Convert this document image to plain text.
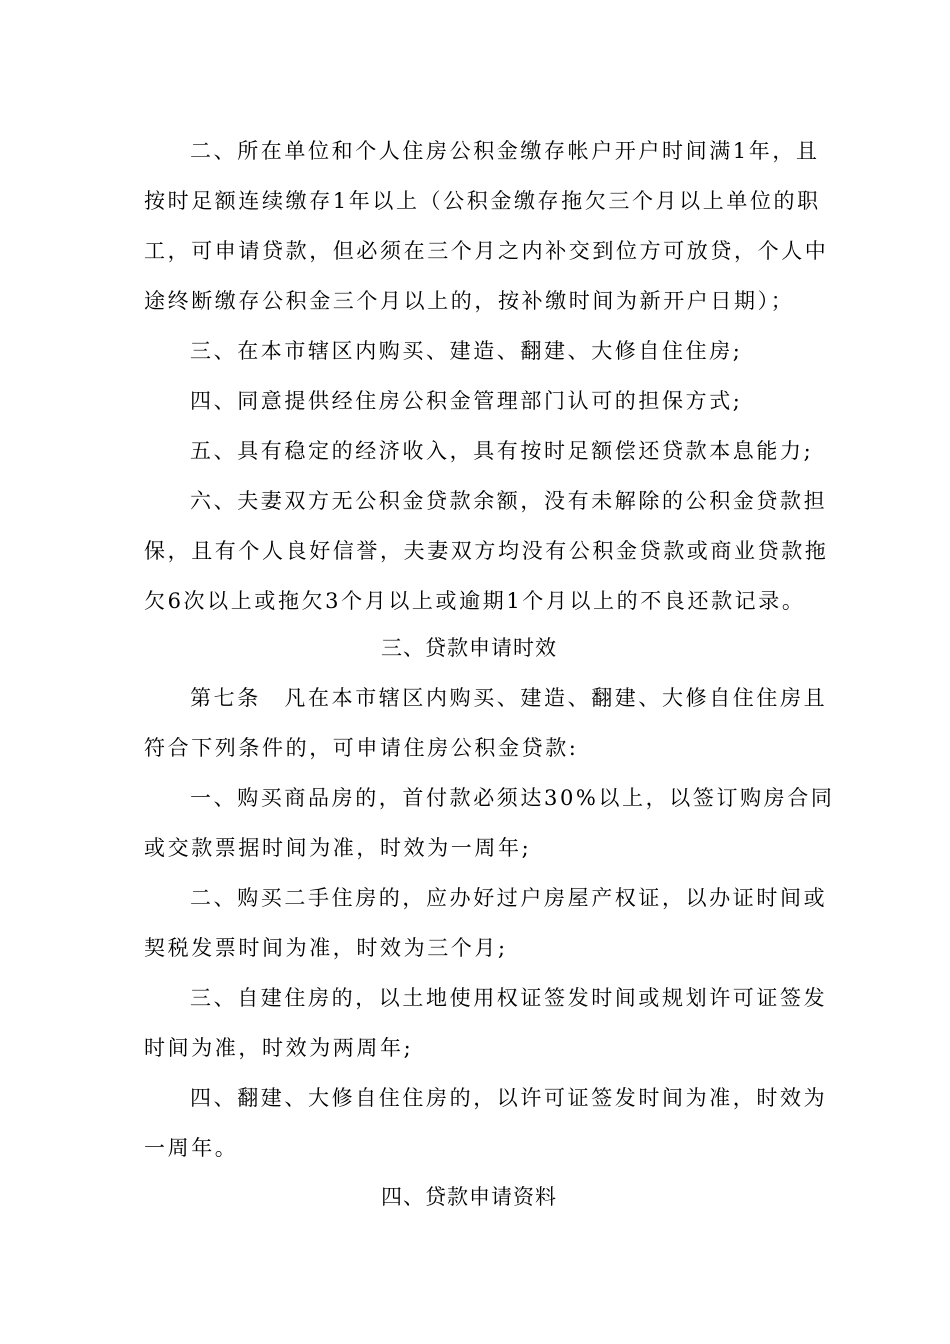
二、所在单位和个人住房公积金缴存帐户开户时间满1年，且
按时足额连续缴存1年以上（公积金缴存拖欠三个月以上单位的职
工，可申请贷款，但必须在三个月之内补交到位方可放贷，个人中
途终断缴存公积金三个月以上的，按补缴时间为新开户日期）；
三、在本市辖区内购买、建造、翻建、大修自住住房;
四、同意提供经住房公积金管理部门认可的担保方式;
五、具有稳定的经济收入，具有按时足额偿还贷款本息能力;
六、夫妻双方无公积金贷款余额，没有未解除的公积金贷款担
保，且有个人良好信誉，夫妻双方均没有公积金贷款或商业贷款拖
欠6次以上或拖欠3个月以上或逾期1个月以上的不良还款记录。
三、贷款申请时效
第七条　凡在本市辖区内购买、建造、翻建、大修自住住房且
符合下列条件的，可申请住房公积金贷款:
一、购买商品房的，首付款必须达30%以上，以签订购房合同
或交款票据时间为准，时效为一周年;
二、购买二手住房的，应办好过户房屋产权证，以办证时间或
契税发票时间为准，时效为三个月;
三、自建住房的，以土地使用权证签发时间或规划许可证签发
时间为准，时效为两周年;
四、翻建、大修自住住房的，以许可证签发时间为准，时效为
一周年。
四、贷款申请资料
